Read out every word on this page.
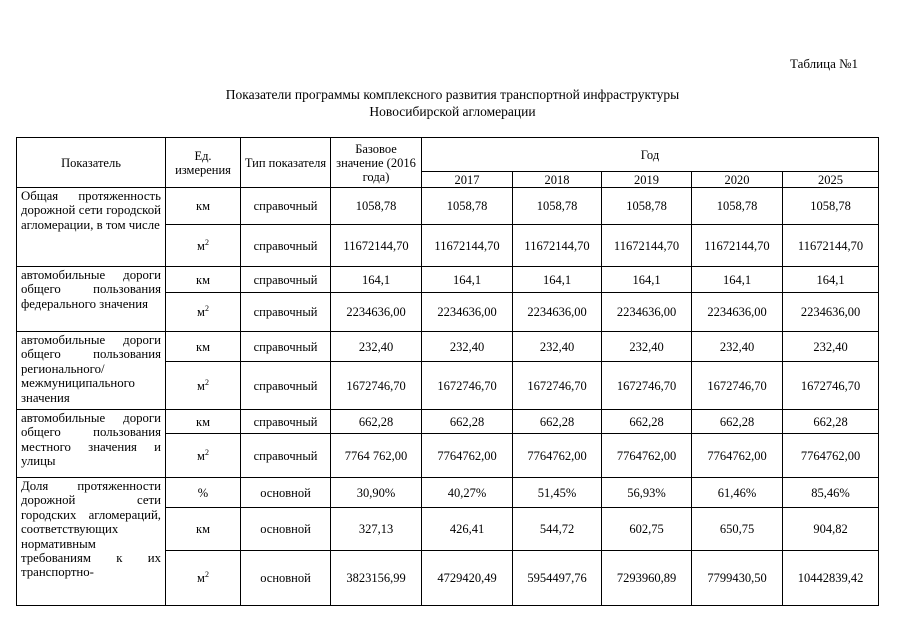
Таблица №1
Показатели программы комплексного развития транспортной инфраструктуры
Новосибирской агломерации
Показатель	Ед. измерения	Тип показателя	Базовое значение (2016 года)	Год				
				2017	2018	2019	2020	2025
Общая протяженность дорожной сети городской агломерации, в том числе	км	справочный	1058,78	1058,78	1058,78	1058,78	1058,78	1058,78
	$м^2$	справочный	11672144,70	11672144,70	11672144,70	11672144,70	11672144,70	11672144,70
автомобильные дороги общего пользования федерального значения	км	справочный	164,1	164,1	164,1	164,1	164,1	164,1
	$м^2$	справочный	2234636,00	2234636,00	2234636,00	2234636,00	2234636,00	2234636,00
автомобильные дороги общего пользования регионального/ межмуниципального значения	км	справочный	232,40	232,40	232,40	232,40	232,40	232,40
	$м^2$	справочный	1672746,70	1672746,70	1672746,70	1672746,70	1672746,70	1672746,70
автомобильные дороги общего пользования местного значения и улицы	км	справочный	662,28	662,28	662,28	662,28	662,28	662,28
	$м^2$	справочный	7764 762,00	7764762,00	7764762,00	7764762,00	7764762,00	7764762,00
Доля протяженности дорожной сети городских агломераций, соответствующих нормативным требованиям к их транспортно-	%	основной	30,90%	40,27%	51,45%	56,93%	61,46%	85,46%
	км	основной	327,13	426,41	544,72	602,75	650,75	904,82
	$м^2$	основной	3823156,99	4729420,49	5954497,76	7293960,89	7799430,50	10442839,42
